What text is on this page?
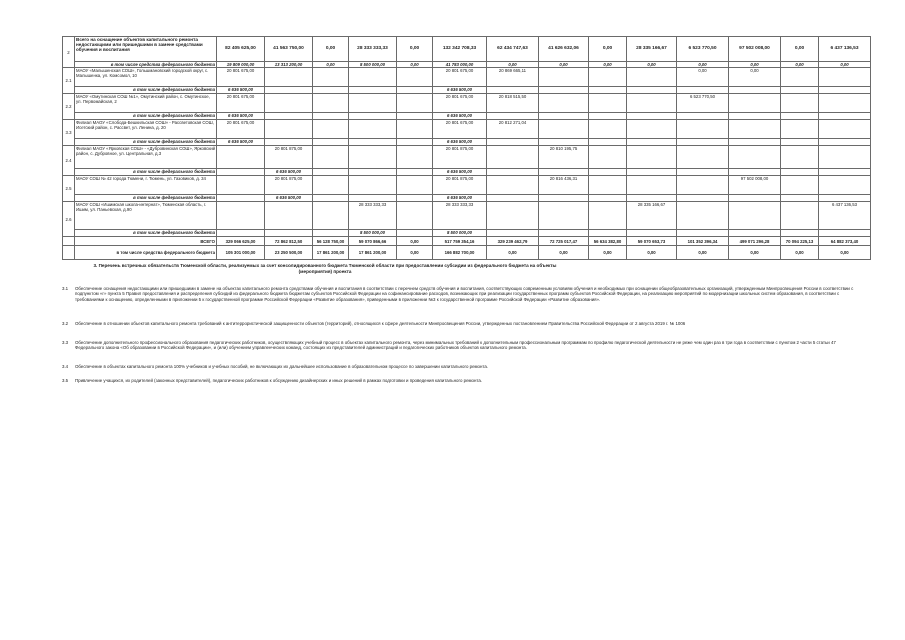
2	Всего на оснащение объектов капитального ремонта недостающими или пришедшими в замене средствами обучения и воспитания	82 405 625,00	41 563 750,00	0,00	28 333 333,33	0,00	132 342 708,33	62 434 747,63	41 626 632,06	0,00	28 335 166,67	6 523 770,50	97 502 008,00	0,00	6 437 136,53
	в том числе средства федерального бюджета	19 809 000,00	13 313 200,00	0,00	8 500 000,00	0,00	41 783 000,00	0,00	0,00	0,00	0,00	0,00	0,00	0,00	0,00
2.1	МАОУ «Малышенская СОШ», Гольшмановский городской округ, с. Малышенка, ул. Комсомол, 10	20 801 675,00					20 801 675,00	20 869 665,11				0,00	0,00		
	в том числе федерального бюджета	6 636 500,00					6 636 500,00								
2.2	МАОУ «Омутинская СОШ №1», Омутинский район, с. Омутинское, ул. Первомайская, 2	20 801 675,00					20 801 675,00	20 818 515,50				6 523 770,50			
	в том числе федерального бюджета	6 636 500,00					6 636 500,00								
3.3	Филиал МАОУ «Слобода-Бешкильская СОШ» - Рассветовская СОШ, Исетский район, с. Рассвет, ул. Ленина, д. 20	20 801 675,00					20 801 675,00	20 812 271,04							
	в том числе федерального бюджета	6 636 500,00					6 636 500,00								
2.4	Филиал МАОУ «Ярковская СОШ» - «Дубровинская СОШ», Ярковский район, с. Дубровное, ул. Центральная, д.3		20 801 875,00				20 801 875,00		20 810 195,75						
	в том числе федерального бюджета		6 636 500,00				6 636 500,00								
2.5	МАОУ СОШ № 42 города Тюмени, г. Тюмень, ул. Газовиков, д. 34		20 801 875,00				20 801 875,00		20 816 436,31				97 502 008,00		
	в том числе федерального бюджета		6 636 500,00				6 636 500,00								
2.6	МАОУ СОШ «Ишимская школа-интернат», Тюменская область, г. Ишим, ул. Паньевская, д.90				28 333 333,33		28 333 333,33				28 335 166,67				6 437 136,53
	в том числе федерального бюджета				8 500 000,00		8 500 000,00								
	ВСЕГО	329 066 625,00	72 862 812,50	56 128 750,00	59 070 866,66	0,00	517 759 354,16	329 239 462,79	72 725 017,47	56 634 382,80	59 070 653,73	101 352 396,34	499 071 296,28	70 094 225,13	64 882 373,40
	в том числе средства федерального бюджета	105 301 000,00	23 250 500,00	17 861 200,00	17 861 200,00	0,00	166 882 700,00	0,00	0,00	0,00	0,00	0,00	0,00	0,00	0,00
3. Перечень встречных обязательств Тюменской области, реализуемых за счет консолидированного бюджета Тюменской области при предоставлении субсидии из федерального бюджета на объекты (мероприятия) проекта
3.1	Обеспечение оснащения недостающими или пришедшими в замене на объектах капитального ремонта средствами обучения и воспитания в соответствии с перечнем средств обучения и воспитания, соответствующих современным условиям обучения и необходимых при оснащении общеобразовательных организаций, утвержденным Минпросвещения России в соответствии с подпунктом «г» пункта 5 Правил предоставления и распределения субсидий из федерального бюджета бюджетам субъектов Российской Федерации на софинансирование расходов, возникающих при реализации государственных программ субъектов Российской Федерации, на реализацию мероприятий по модернизации школьных систем образования, в соответствии с требованиями к оснащению, определенными в приложении 5 к государственной программе Российской Федерации «Развитие образования», приведенными в приложении №3 к государственной программе Российской Федерации «Развитие образования».
3.2	Обеспечение в отношении объектов капитального ремонта требований к антитеррористической защищенности объектов (территорий), относящихся к сфере деятельности Минпросвещения России, утвержденных постановлением Правительства Российской Федерации от 2 августа 2019 г. № 1006
3.3	Обеспечение дополнительного профессионального образования педагогических работников, осуществляющих учебный процесс в объектах капитального ремонта, через минимальных требований к дополнительным профессиональным программам по профилю педагогической деятельности не реже чем один раз в три года в соответствии с пунктом 2 части 5 статьи 47 Федерального закона «Об образовании в Российской Федерации», и (или) обучением управленческих команд, состоящих из представителей администраций и педагогических работников объектов капитального ремонта.
3.4	Обеспечение в объектах капитального ремонта 100% учебников и учебных пособий, не включающих их дальнейшее использование в образовательном процессе по завершении капитального ремонта.
3.5	Привлечение учащихся, их родителей (законных представителей), педагогических работников к обсуждению дизайнерских и иных решений в рамках подготовки и проведения капитального ремонта.
